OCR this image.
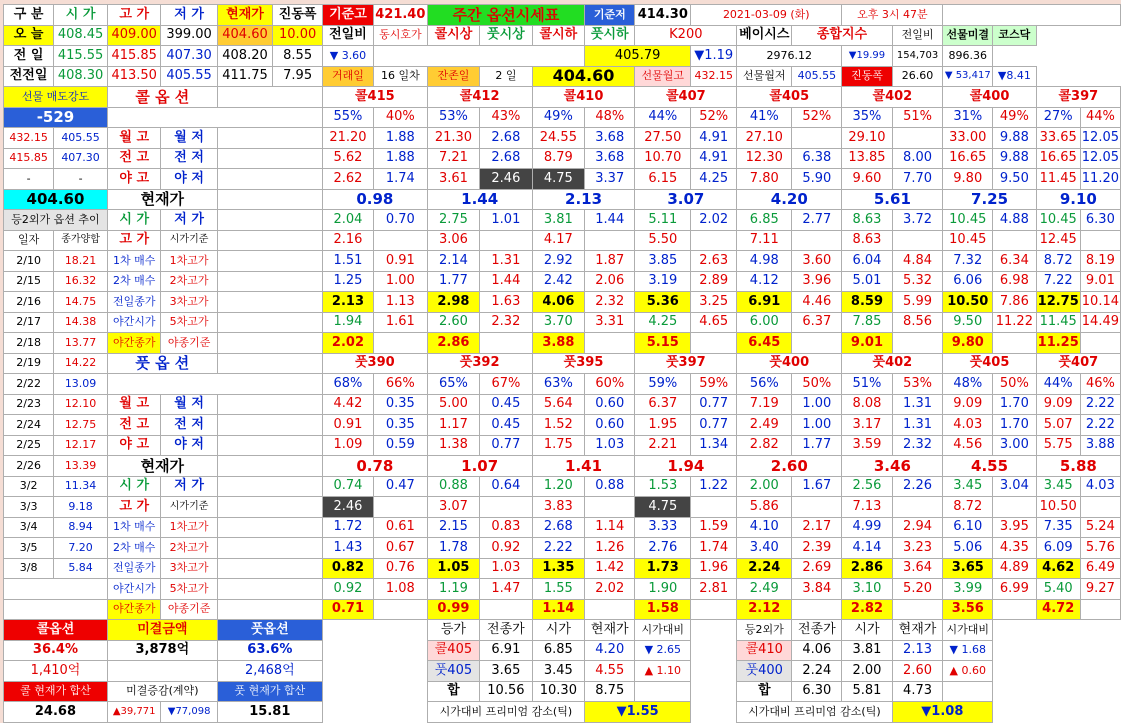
구 분	시 가	고 가	저 가	현재가	진동폭	기준고	421.40	주간 옵션시세표			기준저	414.30	2021-03-09 (화)			오후 3시 47분					
오 늘	408.45	409.00	399.00	404.60	10.00	전일비	동시호가	콜시상	풋시상	콜시하	풋시하	K200		베이시스	종합지수		전일비	선물미결	코스닥		
전 일	415.55	415.85	407.30	408.20	8.55	▼ 3.60					405.79		▼1.19	2976.12		▼19.99	154,703	896.36			
전전일	408.30	413.50	405.55	411.75	7.95	거래일	16 일차	잔존일	2 일	404.60		선물월고	432.15	선물월저	405.55	진동폭	26.60	▼ 53,417	▼8.41		
선물 매도강도		콜 옵 션				콜415		콜412		콜410		콜407		콜405		콜402		콜400		콜397	
-529						55%	40%	53%	43%	49%	48%	44%	52%	41%	52%	35%	51%	31%	49%	27%	44%
432.15	405.55	월 고	월 저			21.20	1.88	21.30	2.68	24.55	3.68	27.50	4.91	27.10		29.10		33.00	9.88	33.65	12.05
415.85	407.30	전 고	전 저			5.62	1.88	7.21	2.68	8.79	3.68	10.70	4.91	12.30	6.38	13.85	8.00	16.65	9.88	16.65	12.05
-	-	야 고	야 저			2.62	1.74	3.61	2.46	4.75	3.37	6.15	4.25	7.80	5.90	9.60	7.70	9.80	9.50	11.45	11.20
404.60		현재가				0.98		1.44		2.13		3.07		4.20		5.61		7.25		9.10	
등2외가 옵션 추이		시 가	저 가			2.04	0.70	2.75	1.01	3.81	1.44	5.11	2.02	6.85	2.77	8.63	3.72	10.45	4.88	10.45	6.30
일자	종가양합	고 가	시가기준			2.16		3.06		4.17		5.50		7.11		8.63		10.45		12.45	
2/10	18.21	1차 매수	1차고가			1.51	0.91	2.14	1.31	2.92	1.87	3.85	2.63	4.98	3.60	6.04	4.84	7.32	6.34	8.72	8.19
2/15	16.32	2차 매수	2차고가			1.25	1.00	1.77	1.44	2.42	2.06	3.19	2.89	4.12	3.96	5.01	5.32	6.06	6.98	7.22	9.01
2/16	14.75	전일종가	3차고가			2.13	1.13	2.98	1.63	4.06	2.32	5.36	3.25	6.91	4.46	8.59	5.99	10.50	7.86	12.75	10.14
2/17	14.38	야간시가	5차고가			1.94	1.61	2.60	2.32	3.70	3.31	4.25	4.65	6.00	6.37	7.85	8.56	9.50	11.22	11.45	14.49
2/18	13.77	야간종가	야종기준			2.02		2.86		3.88		5.15		6.45		9.01		9.80		11.25	
2/19	14.22	풋 옵 션				풋390		풋392		풋395		풋397		풋400		풋402		풋405		풋407	
2/22	13.09					68%	66%	65%	67%	63%	60%	59%	59%	56%	50%	51%	53%	48%	50%	44%	46%
2/23	12.10	월 고	월 저			4.42	0.35	5.00	0.45	5.64	0.60	6.37	0.77	7.19	1.00	8.08	1.31	9.09	1.70	9.09	2.22
2/24	12.75	전 고	전 저			0.91	0.35	1.17	0.45	1.52	0.60	1.95	0.77	2.49	1.00	3.17	1.31	4.03	1.70	5.07	2.22
2/25	12.17	야 고	야 저			1.09	0.59	1.38	0.77	1.75	1.03	2.21	1.34	2.82	1.77	3.59	2.32	4.56	3.00	5.75	3.88
2/26	13.39	현재가				0.78		1.07		1.41		1.94		2.60		3.46		4.55		5.88	
3/2	11.34	시 가	저 가			0.74	0.47	0.88	0.64	1.20	0.88	1.53	1.22	2.00	1.67	2.56	2.26	3.45	3.04	3.45	4.03
3/3	9.18	고 가	시가기준			2.46		3.07		3.83		4.75		5.86		7.13		8.72		10.50	
3/4	8.94	1차 매수	1차고가			1.72	0.61	2.15	0.83	2.68	1.14	3.33	1.59	4.10	2.17	4.99	2.94	6.10	3.95	7.35	5.24
3/5	7.20	2차 매수	2차고가			1.43	0.67	1.78	0.92	2.22	1.26	2.76	1.74	3.40	2.39	4.14	3.23	5.06	4.35	6.09	5.76
3/8	5.84	전일종가	3차고가			0.82	0.76	1.05	1.03	1.35	1.42	1.73	1.96	2.24	2.69	2.86	3.64	3.65	4.89	4.62	6.49
		야간시가	5차고가			0.92	1.08	1.19	1.47	1.55	2.02	1.90	2.81	2.49	3.84	3.10	5.20	3.99	6.99	5.40	9.27
		야간종가	야종기준			0.71		0.99		1.14		1.58		2.12		2.82		3.56		4.72	
콜옵션		미결금액		풋옵션				등가	전종가	시가	현재가	시가대비		등2외가	전종가	시가	현재가	시가대비			
36.4%		3,878억		63.6%				콜405	6.91	6.85	4.20	▼ 2.65		콜410	4.06	3.81	2.13	▼ 1.68			
1,410억				2,468억				풋405	3.65	3.45	4.55	▲ 1.10		풋400	2.24	2.00	2.60	▲ 0.60			
콜 현재가 합산		미결증감(계약)		풋 현재가 합산				합	10.56	10.30	8.75			합	6.30	5.81	4.73				
24.68		▲39,771	▼77,098	15.81				시가대비 프리미엄 감소(틱)			▼1.55			시가대비 프리미엄 감소(틱)			▼1.08				
